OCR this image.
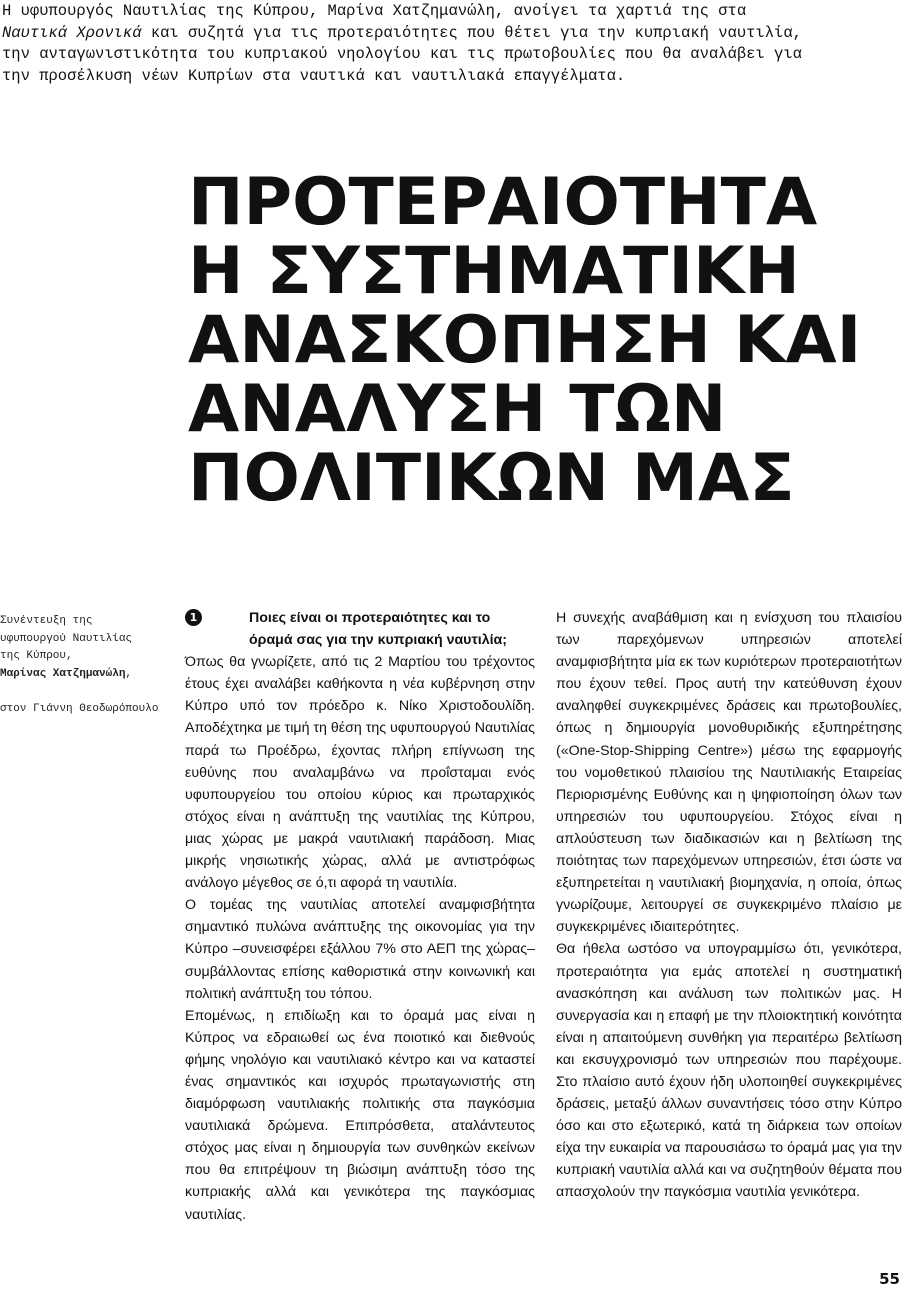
Η υφυπουργός Ναυτιλίας της Κύπρου, Μαρίνα Χατζημανώλη, ανοίγει τα χαρτιά της στα

Ναυτικά Χρονικά και συζητά για τις προτεραιότητες που θέτει για την κυπριακή ναυτιλία,

την ανταγωνιστικότητα του κυπριακού νηολογίου και τις πρωτοβουλίες που θα αναλάβει για

την προσέλκυση νέων Κυπρίων στα ναυτικά και ναυτιλιακά επαγγέλματα.

ΠΡΟΤΕΡΑΙΟΤΗΤΑ
Η ΣΥΣΤΗΜΑΤΙΚΗ
ΑΝΑΣΚΟΠΗΣΗ ΚΑΙ
ΑΝΑΛΥΣΗ ΤΩΝ
ΠΟΛΙΤΙΚΩΝ ΜΑΣ
Συνέντευξη της
υφυπουργού Ναυτιλίας
της Κύπρου,
Μαρίνας Χατζημανώλη,
στον Γιάννη Θεοδωρόπουλο

1	Ποιες είναι οι προτεραιότητες και το όραμά σας για την κυπριακή ναυτιλία;

Όπως θα γνωρίζετε, από τις 2 Μαρτίου του τρέχοντος έτους έχει αναλάβει καθήκοντα η νέα κυβέρνηση στην Κύπρο υπό τον πρόεδρο κ. Νίκο Χριστοδουλίδη. Αποδέχτηκα με τιμή τη θέση της υφυπουργού Ναυτιλίας παρά τω Προέδρω, έχοντας πλήρη επίγνωση της ευθύνης που αναλαμβάνω να προΐσταμαι ενός υφυπουργείου του οποίου κύριος και πρωταρχικός στόχος είναι η ανάπτυξη της ναυτιλίας της Κύπρου, μιας χώρας με μακρά ναυτιλιακή παράδοση. Μιας μικρής νησιωτικής χώρας, αλλά με αντιστρόφως ανάλογο μέγεθος σε ό,τι αφορά τη ναυτιλία.

Ο τομέας της ναυτιλίας αποτελεί αναμφισβήτητα σημαντικό πυλώνα ανάπτυξης της οικονομίας για την Κύπρο –συνεισφέρει εξάλλου 7% στο ΑΕΠ της χώρας– συμβάλλοντας επίσης καθοριστικά στην κοινωνική και πολιτική ανάπτυξη του τόπου.

Επομένως, η επιδίωξη και το όραμά μας είναι η Κύπρος να εδραιωθεί ως ένα ποιοτικό και διεθνούς φήμης νηολόγιο και ναυτιλιακό κέντρο και να καταστεί ένας σημαντικός και ισχυρός πρωταγωνιστής στη διαμόρφωση ναυτιλιακής πολιτικής στα παγκόσμια ναυτιλιακά δρώμενα. Επιπρόσθετα, αταλάντευτος στόχος μας είναι η δημιουργία των συνθηκών εκείνων που θα επιτρέψουν τη βιώσιμη ανάπτυξη τόσο της κυπριακής αλλά και γενικότερα της παγκόσμιας ναυτιλίας.

Η συνεχής αναβάθμιση και η ενίσχυση του πλαισίου των παρεχόμενων υπηρεσιών αποτελεί αναμφισβήτητα μία εκ των κυριότερων προτεραιοτήτων που έχουν τεθεί. Προς αυτή την κατεύθυνση έχουν αναληφθεί συγκεκριμένες δράσεις και πρωτοβουλίες, όπως η δημιουργία μονοθυριδικής εξυπηρέτησης («One-Stop-Shipping Centre») μέσω της εφαρμογής του νομοθετικού πλαισίου της Ναυτιλιακής Εταιρείας Περιορισμένης Ευθύνης και η ψηφιοποίηση όλων των υπηρεσιών του υφυπουργείου. Στόχος είναι η απλούστευση των διαδικασιών και η βελτίωση της ποιότητας των παρεχόμενων υπηρεσιών, έτσι ώστε να εξυπηρετείται η ναυτιλιακή βιομηχανία, η οποία, όπως γνωρίζουμε, λειτουργεί σε συγκεκριμένο πλαίσιο με συγκεκριμένες ιδιαιτερότητες.

Θα ήθελα ωστόσο να υπογραμμίσω ότι, γενικότερα, προτεραιότητα για εμάς αποτελεί η συστηματική ανασκόπηση και ανάλυση των πολιτικών μας. Η συνεργασία και η επαφή με την πλοιοκτητική κοινότητα είναι η απαιτούμενη συνθήκη για περαιτέρω βελτίωση και εκσυγχρονισμό των υπηρεσιών που παρέχουμε. Στο πλαίσιο αυτό έχουν ήδη υλοποιηθεί συγκεκριμένες δράσεις, μεταξύ άλλων συναντήσεις τόσο στην Κύπρο όσο και στο εξωτερικό, κατά τη διάρκεια των οποίων είχα την ευκαιρία να παρουσιάσω το όραμά μας για την κυπριακή ναυτιλία αλλά και να συζητηθούν θέματα που απασχολούν την παγκόσμια ναυτιλία γενικότερα.

55
